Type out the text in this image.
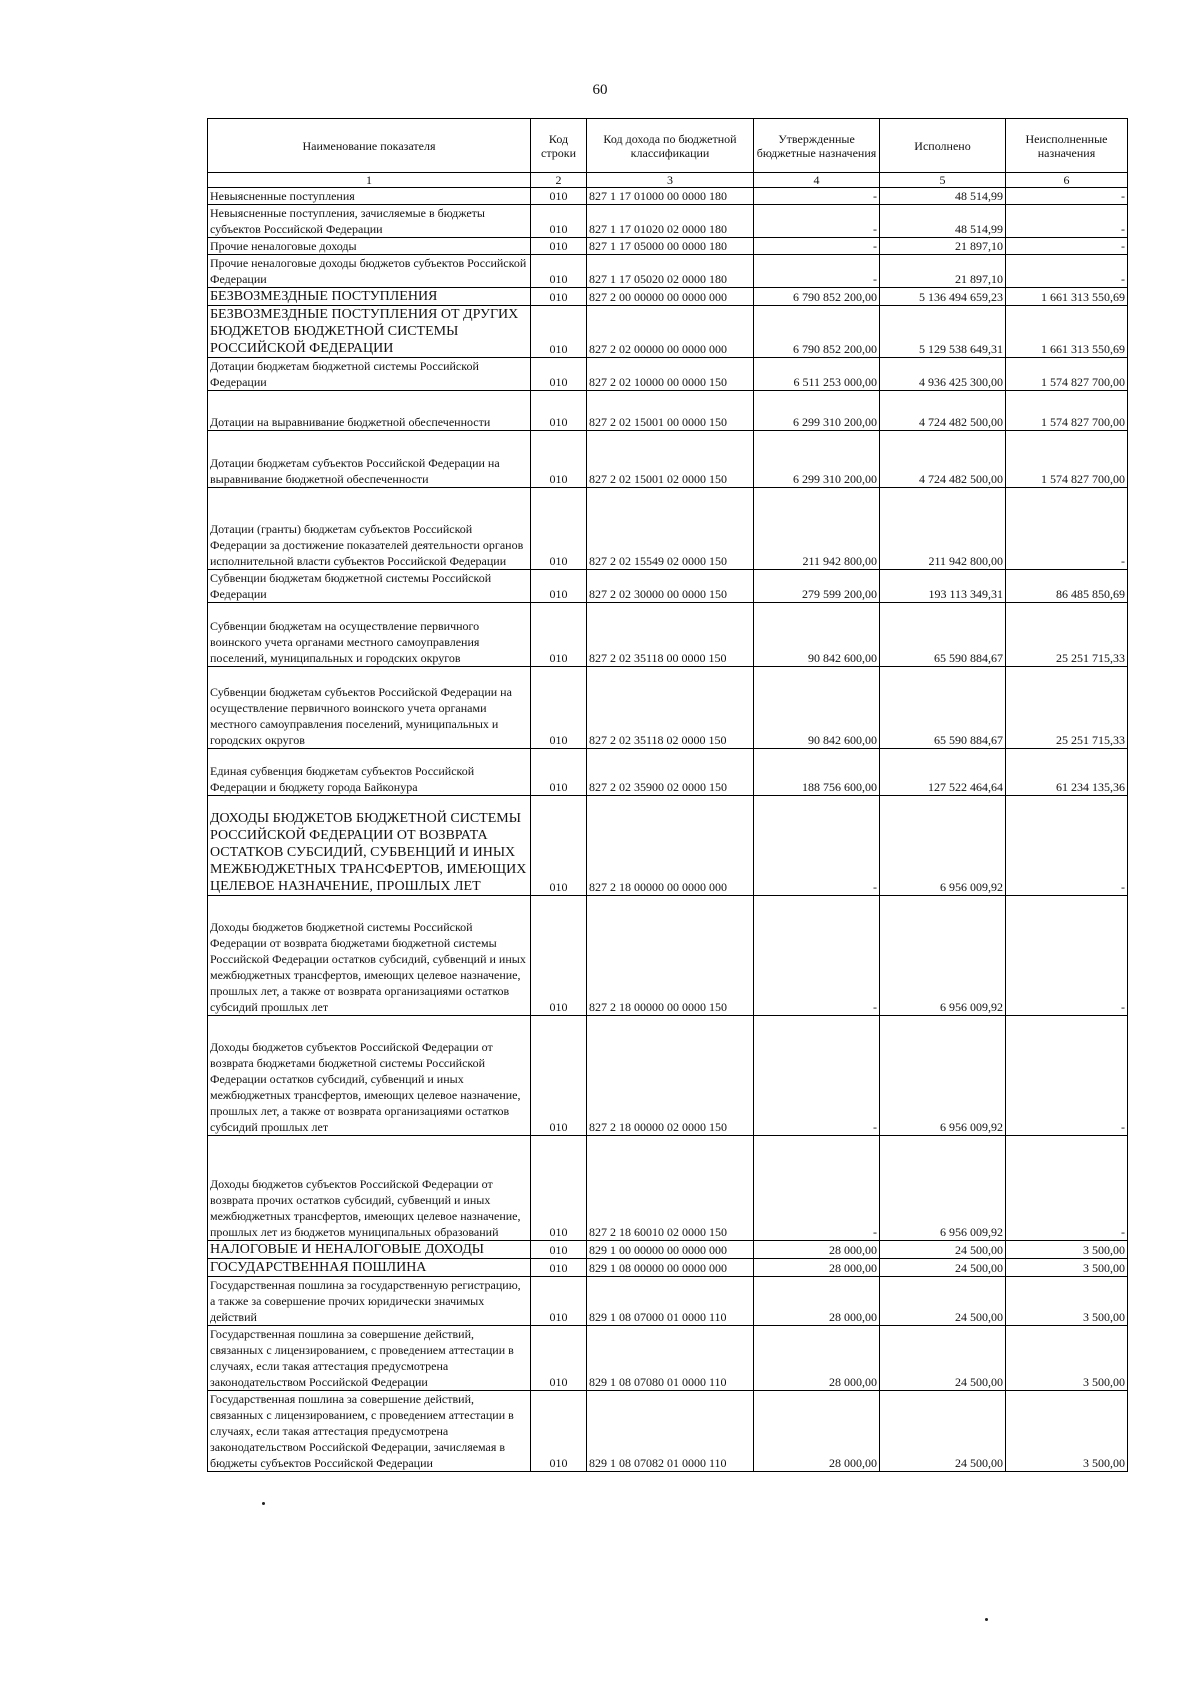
60
Наименование показателя	Код строки	Код дохода по бюджетной классификации	Утвержденные бюджетные назначения	Исполнено	Неисполненные назначения
1	2	3	4	5	6
Невыясненные поступления	010	827 1 17 01000 00 0000 180	-	48 514,99	-
Невыясненные поступления, зачисляемые в бюджеты субъектов Российской Федерации	010	827 1 17 01020 02 0000 180	-	48 514,99	-
Прочие неналоговые доходы	010	827 1 17 05000 00 0000 180	-	21 897,10	-
Прочие неналоговые доходы бюджетов субъектов Российской Федерации	010	827 1 17 05020 02 0000 180	-	21 897,10	-
БЕЗВОЗМЕЗДНЫЕ ПОСТУПЛЕНИЯ	010	827 2 00 00000 00 0000 000	6 790 852 200,00	5 136 494 659,23	1 661 313 550,69
БЕЗВОЗМЕЗДНЫЕ ПОСТУПЛЕНИЯ ОТ ДРУГИХ БЮДЖЕТОВ БЮДЖЕТНОЙ СИСТЕМЫ РОССИЙСКОЙ ФЕДЕРАЦИИ	010	827 2 02 00000 00 0000 000	6 790 852 200,00	5 129 538 649,31	1 661 313 550,69
Дотации бюджетам бюджетной системы Российской Федерации	010	827 2 02 10000 00 0000 150	6 511 253 000,00	4 936 425 300,00	1 574 827 700,00
Дотации на выравнивание бюджетной обеспеченности	010	827 2 02 15001 00 0000 150	6 299 310 200,00	4 724 482 500,00	1 574 827 700,00
Дотации бюджетам субъектов Российской Федерации на выравнивание бюджетной обеспеченности	010	827 2 02 15001 02 0000 150	6 299 310 200,00	4 724 482 500,00	1 574 827 700,00
Дотации (гранты) бюджетам субъектов Российской Федерации за достижение показателей деятельности органов исполнительной власти субъектов Российской Федерации	010	827 2 02 15549 02 0000 150	211 942 800,00	211 942 800,00	-
Субвенции бюджетам бюджетной системы Российской Федерации	010	827 2 02 30000 00 0000 150	279 599 200,00	193 113 349,31	86 485 850,69
Субвенции бюджетам на осуществление первичного воинского учета органами местного самоуправления поселений, муниципальных и городских округов	010	827 2 02 35118 00 0000 150	90 842 600,00	65 590 884,67	25 251 715,33
Субвенции бюджетам субъектов Российской Федерации на осуществление первичного воинского учета органами местного самоуправления поселений, муниципальных и городских округов	010	827 2 02 35118 02 0000 150	90 842 600,00	65 590 884,67	25 251 715,33
Единая субвенция бюджетам субъектов Российской Федерации и бюджету города Байконура	010	827 2 02 35900 02 0000 150	188 756 600,00	127 522 464,64	61 234 135,36
ДОХОДЫ БЮДЖЕТОВ БЮДЖЕТНОЙ СИСТЕМЫ РОССИЙСКОЙ ФЕДЕРАЦИИ ОТ ВОЗВРАТА ОСТАТКОВ СУБСИДИЙ, СУБВЕНЦИЙ И ИНЫХ МЕЖБЮДЖЕТНЫХ ТРАНСФЕРТОВ, ИМЕЮЩИХ ЦЕЛЕВОЕ НАЗНАЧЕНИЕ, ПРОШЛЫХ ЛЕТ	010	827 2 18 00000 00 0000 000	-	6 956 009,92	-
Доходы бюджетов бюджетной системы Российской Федерации от возврата бюджетами бюджетной системы Российской Федерации остатков субсидий, субвенций и иных межбюджетных трансфертов, имеющих целевое назначение, прошлых лет, а также от возврата организациями остатков субсидий прошлых лет	010	827 2 18 00000 00 0000 150	-	6 956 009,92	-
Доходы бюджетов субъектов Российской Федерации от возврата бюджетами бюджетной системы Российской Федерации остатков субсидий, субвенций и иных межбюджетных трансфертов, имеющих целевое назначение, прошлых лет, а также от возврата организациями остатков субсидий прошлых лет	010	827 2 18 00000 02 0000 150	-	6 956 009,92	-
Доходы бюджетов субъектов Российской Федерации от возврата прочих остатков субсидий, субвенций и иных межбюджетных трансфертов, имеющих целевое назначение, прошлых лет из бюджетов муниципальных образований	010	827 2 18 60010 02 0000 150	-	6 956 009,92	-
НАЛОГОВЫЕ И НЕНАЛОГОВЫЕ ДОХОДЫ	010	829 1 00 00000 00 0000 000	28 000,00	24 500,00	3 500,00
ГОСУДАРСТВЕННАЯ ПОШЛИНА	010	829 1 08 00000 00 0000 000	28 000,00	24 500,00	3 500,00
Государственная пошлина за государственную регистрацию, а также за совершение прочих юридически значимых действий	010	829 1 08 07000 01 0000 110	28 000,00	24 500,00	3 500,00
Государственная пошлина за совершение действий, связанных с лицензированием, с проведением аттестации в случаях, если такая аттестация предусмотрена законодательством Российской Федерации	010	829 1 08 07080 01 0000 110	28 000,00	24 500,00	3 500,00
Государственная пошлина за совершение действий, связанных с лицензированием, с проведением аттестации в случаях, если такая аттестация предусмотрена законодательством Российской Федерации, зачисляемая в бюджеты субъектов Российской Федерации	010	829 1 08 07082 01 0000 110	28 000,00	24 500,00	3 500,00
